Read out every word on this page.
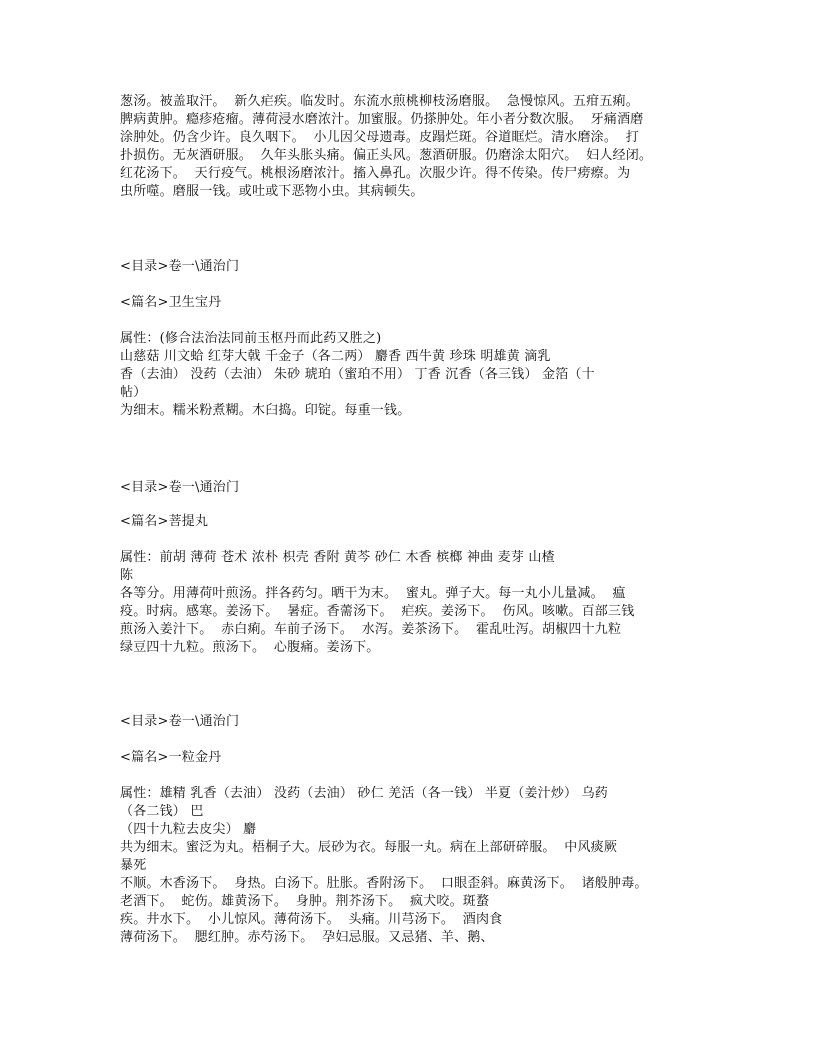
葱汤。被盖取汗。  新久疟疾。临发时。东流水煎桃柳枝汤磨服。  急慢惊风。五疳五痢。
脾病黄肿。瘾疹疮瘤。薄荷浸水磨浓汁。加蜜服。仍搽肿处。年小者分数次服。  牙痛酒磨
涂肿处。仍含少许。良久咽下。  小儿因父母遗毒。皮蹋烂斑。谷道眶烂。清水磨涂。  打
扑损伤。无灰酒研服。  久年头胀头痛。偏正头风。葱酒研服。仍磨涂太阳穴。  妇人经闭。
红花汤下。  天行疫气。桃根汤磨浓汁。搐入鼻孔。次服少许。得不传染。传尸痨瘵。为
虫所噬。磨服一钱。或吐或下恶物小虫。其病顿失。
<目录>卷一\通治门
<篇名>卫生宝丹
属性：(修合法治法同前玉枢丹而此药又胜之)
山慈菇 川文蛤 红芽大戟 千金子（各二两） 麝香 西牛黄 珍珠 明雄黄 滴乳
香（去油） 没药（去油） 朱砂 琥珀（蜜珀不用） 丁香 沉香（各三钱） 金箔（十
帖）
为细末。糯米粉煮糊。木臼捣。印锭。每重一钱。
<目录>卷一\通治门
<篇名>菩提丸
属性：前胡 薄荷 苍术 浓朴 枳壳 香附 黄芩 砂仁 木香 槟榔 神曲 麦芽 山楂
陈
各等分。用薄荷叶煎汤。拌各药匀。晒干为末。  蜜丸。弹子大。每一丸小儿量减。  瘟
疫。时病。感寒。姜汤下。  暑症。香薷汤下。  疟疾。姜汤下。  伤风。咳嗽。百部三钱
煎汤入姜汁下。  赤白痢。车前子汤下。  水泻。姜茶汤下。  霍乱吐泻。胡椒四十九粒
绿豆四十九粒。煎汤下。  心腹痛。姜汤下。
<目录>卷一\通治门
<篇名>一粒金丹
属性：雄精 乳香（去油） 没药（去油） 砂仁 羌活（各一钱） 半夏（姜汁炒） 乌药
（各二钱） 巴
（四十九粒去皮尖） 麝
共为细末。蜜泛为丸。梧桐子大。辰砂为衣。每服一丸。病在上部研碎服。  中风痰厥
暴死
不顺。木香汤下。  身热。白汤下。肚胀。香附汤下。  口眼歪斜。麻黄汤下。  诸般肿毒。
老酒下。  蛇伤。雄黄汤下。  身肿。荆芥汤下。  疯犬咬。斑蝥
疾。井水下。  小儿惊风。薄荷汤下。  头痛。川芎汤下。  酒肉食
薄荷汤下。  腮红肿。赤芍汤下。  孕妇忌服。又忌猪、羊、鹅、
